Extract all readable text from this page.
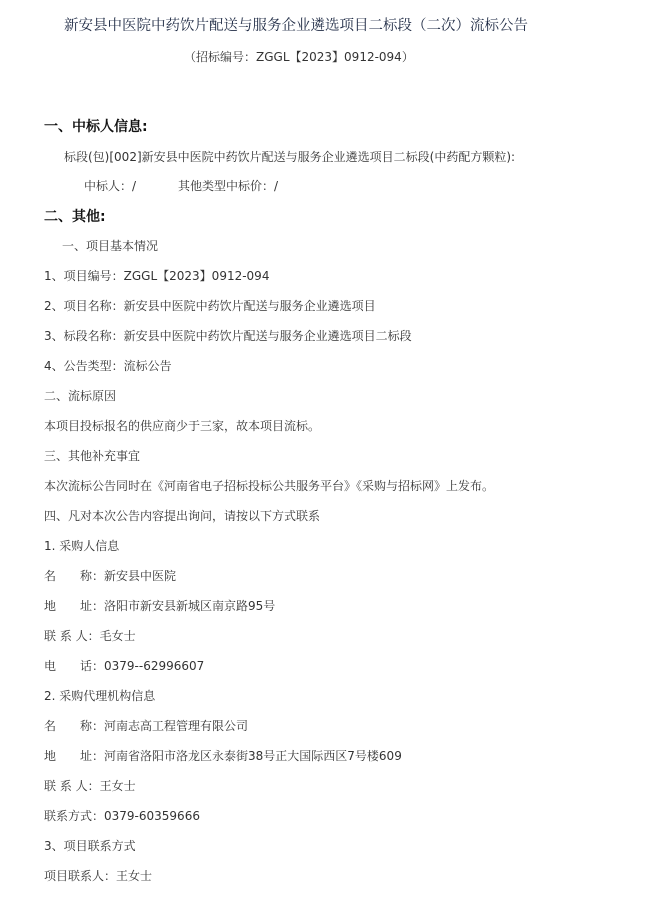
新安县中医院中药饮片配送与服务企业遴选项目二标段（二次）流标公告
（招标编号：ZGGL【2023】0912-094）
一、中标人信息:
标段(包)[002]新安县中医院中药饮片配送与服务企业遴选项目二标段(中药配方颗粒):
中标人：/	其他类型中标价：/
二、其他:
一、项目基本情况
1、项目编号：ZGGL【2023】0912-094
2、项目名称：新安县中医院中药饮片配送与服务企业遴选项目
3、标段名称：新安县中医院中药饮片配送与服务企业遴选项目二标段
4、公告类型：流标公告
二、流标原因
本项目投标报名的供应商少于三家，故本项目流标。
三、其他补充事宜
本次流标公告同时在《河南省电子招标投标公共服务平台》《采购与招标网》上发布。
四、凡对本次公告内容提出询问，请按以下方式联系
1. 采购人信息
名　　称：新安县中医院
地　　址：洛阳市新安县新城区南京路95号
联 系 人：毛女士
电　　话：0379--62996607
2. 采购代理机构信息
名　　称：河南志高工程管理有限公司
地　　址：河南省洛阳市洛龙区永泰街38号正大国际西区7号楼609
联 系 人：王女士
联系方式：0379-60359666
3、项目联系方式
项目联系人：王女士
